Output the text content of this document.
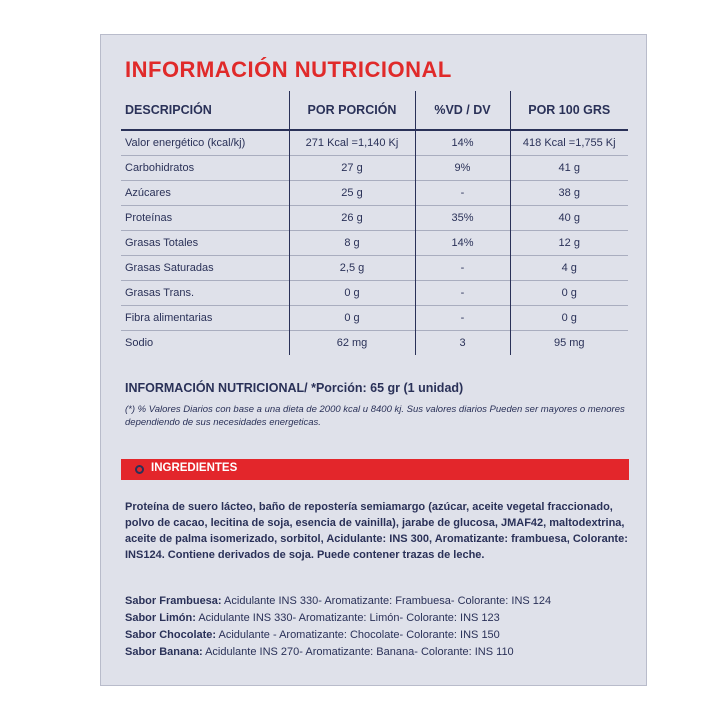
INFORMACIÓN NUTRICIONAL
DESCRIPCIÓN	POR PORCIÓN	%VD / DV	POR 100 GRS
Valor energético (kcal/kj)	271 Kcal =1,140 Kj	14%	418 Kcal =1,755 Kj
Carbohidratos	27 g	9%	41 g
Azúcares	25 g	-	38 g
Proteínas	26 g	35%	40 g
Grasas Totales	8 g	14%	12 g
Grasas Saturadas	2,5 g	-	4 g
Grasas Trans.	0 g	-	0 g
Fibra alimentarias	0 g	-	0 g
Sodio	62 mg	3	95 mg

INFORMACIÓN NUTRICIONAL/ *Porción: 65 gr (1 unidad)

(*) % Valores Diarios con base a una dieta de 2000 kcal u 8400 kj. Sus valores diarios Pueden ser mayores o menores dependiendo de sus necesidades energeticas.

INGREDIENTES

Proteína de suero lácteo, baño de repostería semiamargo (azúcar, aceite vegetal fraccionado, polvo de cacao, lecitina de soja, esencia de vainilla), jarabe de glucosa, JMAF42, maltodextrina, aceite de palma isomerizado, sorbitol, Acidulante: INS 300, Aromatizante: frambuesa, Colorante: INS124. Contiene derivados de soja. Puede contener trazas de leche.

Sabor Frambuesa: Acidulante INS 330- Aromatizante: Frambuesa- Colorante: INS 124
Sabor Limón: Acidulante INS 330- Aromatizante: Limón- Colorante: INS 123
Sabor Chocolate: Acidulante - Aromatizante: Chocolate- Colorante: INS 150
Sabor Banana: Acidulante INS 270- Aromatizante: Banana- Colorante: INS 110
